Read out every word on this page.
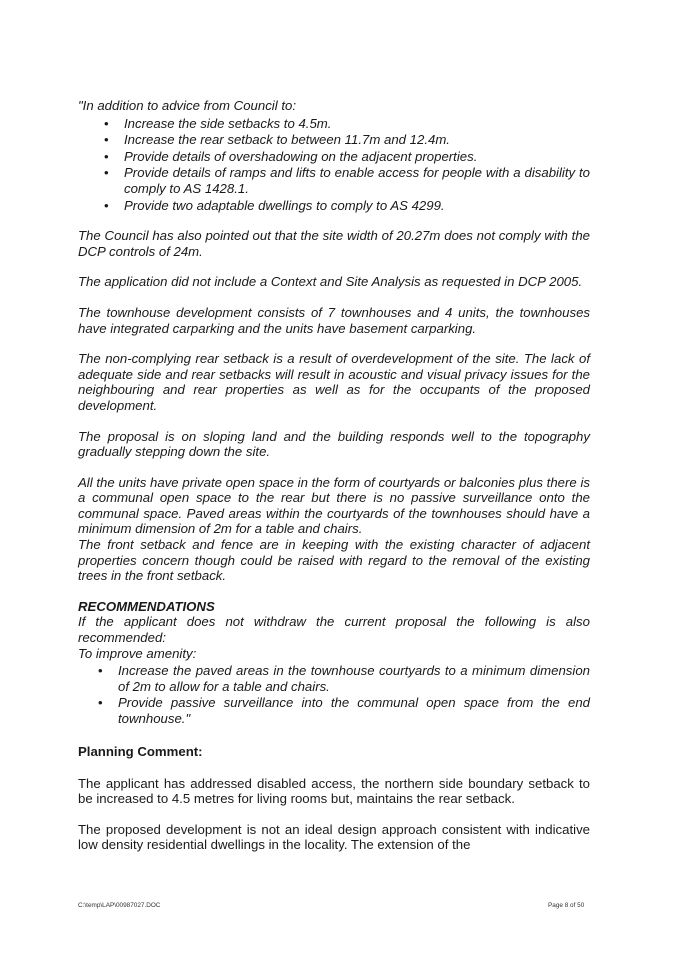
"In addition to advice from Council to:

• Increase the side setbacks to 4.5m.
• Increase the rear setback to between 11.7m and 12.4m.
• Provide details of overshadowing on the adjacent properties.
• Provide details of ramps and lifts to enable access for people with a disability to comply to AS 1428.1.
• Provide two adaptable dwellings to comply to AS 4299.

The Council has also pointed out that the site width of 20.27m does not comply with the DCP controls of 24m.

The application did not include a Context and Site Analysis as requested in DCP 2005.

The townhouse development consists of 7 townhouses and 4 units, the townhouses have integrated carparking and the units have basement carparking.

The non-complying rear setback is a result of overdevelopment of the site. The lack of adequate side and rear setbacks will result in acoustic and visual privacy issues for the neighbouring and rear properties as well as for the occupants of the proposed development.

The proposal is on sloping land and the building responds well to the topography gradually stepping down the site.

All the units have private open space in the form of courtyards or balconies plus there is a communal open space to the rear but there is no passive surveillance onto the communal space. Paved areas within the courtyards of the townhouses should have a minimum dimension of 2m for a table and chairs.

The front setback and fence are in keeping with the existing character of adjacent properties concern though could be raised with regard to the removal of the existing trees in the front setback.

RECOMMENDATIONS

If the applicant does not withdraw the current proposal the following is also recommended:

To improve amenity:

• Increase the paved areas in the townhouse courtyards to a minimum dimension of 2m to allow for a table and chairs.
• Provide passive surveillance into the communal open space from the end townhouse."
Planning Comment:

The applicant has addressed disabled access, the northern side boundary setback to be increased to 4.5 metres for living rooms but, maintains the rear setback.

The proposed development is not an ideal design approach consistent with indicative low density residential dwellings in the locality. The extension of the

C:\temp\LAP\00987027.DOC	Page 8 of 50
